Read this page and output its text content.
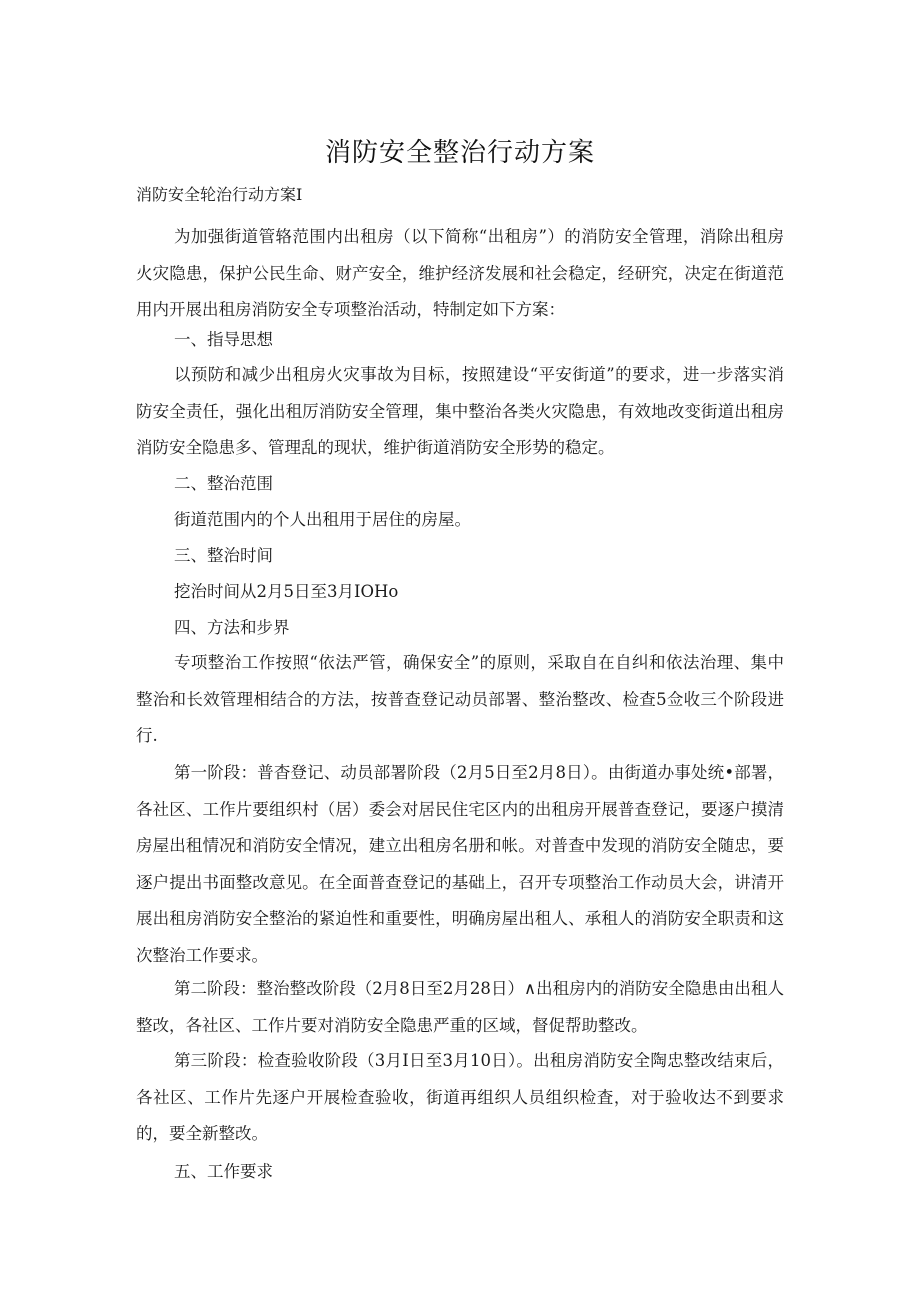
消防安全整治行动方案
消防安全轮治行动方案I

为加强街道管辂范围内出租房（以下简称“出租房”）的消防安全管理，消除出租房火灾隐患，保护公民生命、财产安全，维护经济发展和社会稳定，经研究，决定在街道范用内开展出租房消防安全专项整治活动，特制定如下方案：

一、指导思想

以预防和减少出租房火灾事故为目标，按照建设“平安街道”的要求，进一步落实消防安全责任，强化出租厉消防安全管理，集中整治各类火灾隐患，有效地改变街道出租房消防安全隐患多、管理乱的现状，维护街道消防安全形势的稳定。

二、整治范围

街道范围内的个人出租用于居住的房屋。

三、整治时间

挖治时间从2月5日至3月IOHo

四、方法和步界

专项整治工作按照“依法严管，确保安全”的原则，采取自在自纠和依法治理、集中整治和长效管理相结合的方法，按普查登记动员部署、整治整改、检查5佥收三个阶段进行.

第一阶段：普杳登记、动员部署阶段（2月5日至2月8日）。由街道办事处统•部署，各社区、工作片要组织村（居）委会对居民住宅区内的出租房开展普查登记，要逐户摸清房屋出租情况和消防安全情况，建立出租房名册和帐。对普查中发现的消防安全随忠，要逐户提出书面整改意见。在全面普查登记的基础上，召开专项整治工作动员大会，讲清开展出租房消防安全整治的紧迫性和重要性，明确房屋出租人、承租人的消防安全职责和这次整治工作要求。

第二阶段：整治整改阶段（2月8日至2月28日）∧出租房内的消防安全隐患由出租人整改，各社区、工作片要对消防安全隐患严重的区域，督促帮助整改。

第三阶段：检查验收阶段（3月I日至3月10日）。出租房消防安全陶忠整改结束后，各社区、工作片先逐户开展检查验收，街道再组织人员组织检査，对于验收达不到要求的，要全新整改。

五、工作要求
